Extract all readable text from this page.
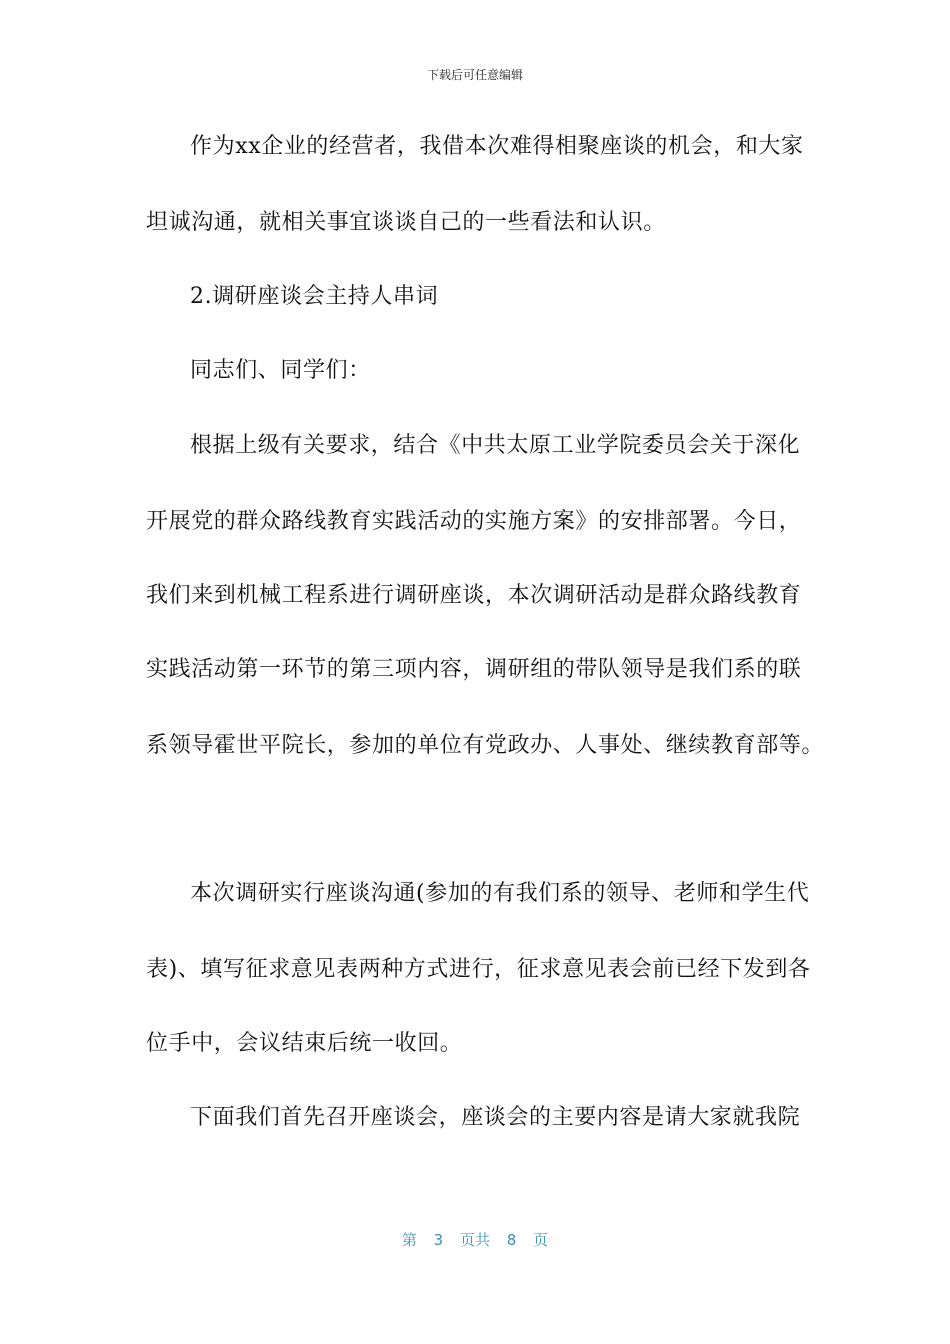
下载后可任意编辑
作为xx企业的经营者，我借本次难得相聚座谈的机会，和大家
坦诚沟通，就相关事宜谈谈自己的一些看法和认识。
2.调研座谈会主持人串词
同志们、同学们：
根据上级有关要求，结合《中共太原工业学院委员会关于深化
开展党的群众路线教育实践活动的实施方案》的安排部署。今日，
我们来到机械工程系进行调研座谈，本次调研活动是群众路线教育
实践活动第一环节的第三项内容，调研组的带队领导是我们系的联
系领导霍世平院长，参加的单位有党政办、人事处、继续教育部等。
本次调研实行座谈沟通(参加的有我们系的领导、老师和学生代
表)、填写征求意见表两种方式进行，征求意见表会前已经下发到各
位手中，会议结束后统一收回。
下面我们首先召开座谈会，座谈会的主要内容是请大家就我院
第 3 页共 8 页
